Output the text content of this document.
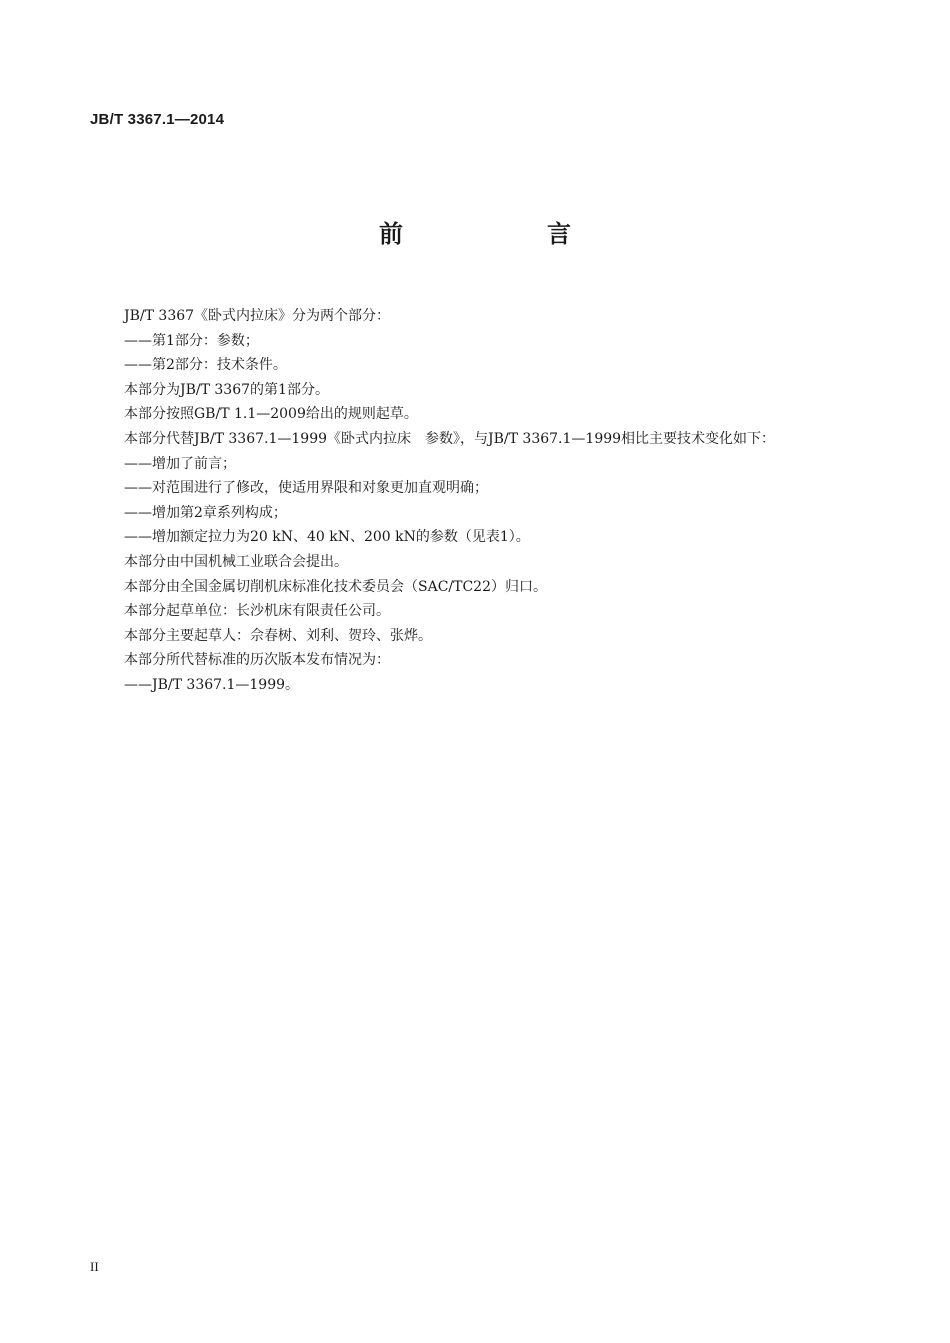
JB/T 3367.1—2014
前　言
JB/T 3367《卧式内拉床》分为两个部分：
——第1部分：参数；
——第2部分：技术条件。
本部分为JB/T 3367的第1部分。
本部分按照GB/T 1.1—2009给出的规则起草。
本部分代替JB/T 3367.1—1999《卧式内拉床　参数》，与JB/T 3367.1—1999相比主要技术变化如下：
——增加了前言；
——对范围进行了修改，使适用界限和对象更加直观明确；
——增加第2章系列构成；
——增加额定拉力为20 kN、40 kN、200 kN的参数（见表1）。
本部分由中国机械工业联合会提出。
本部分由全国金属切削机床标准化技术委员会（SAC/TC22）归口。
本部分起草单位：长沙机床有限责任公司。
本部分主要起草人：佘春树、刘利、贺玲、张烨。
本部分所代替标准的历次版本发布情况为：
——JB/T 3367.1—1999。
II
